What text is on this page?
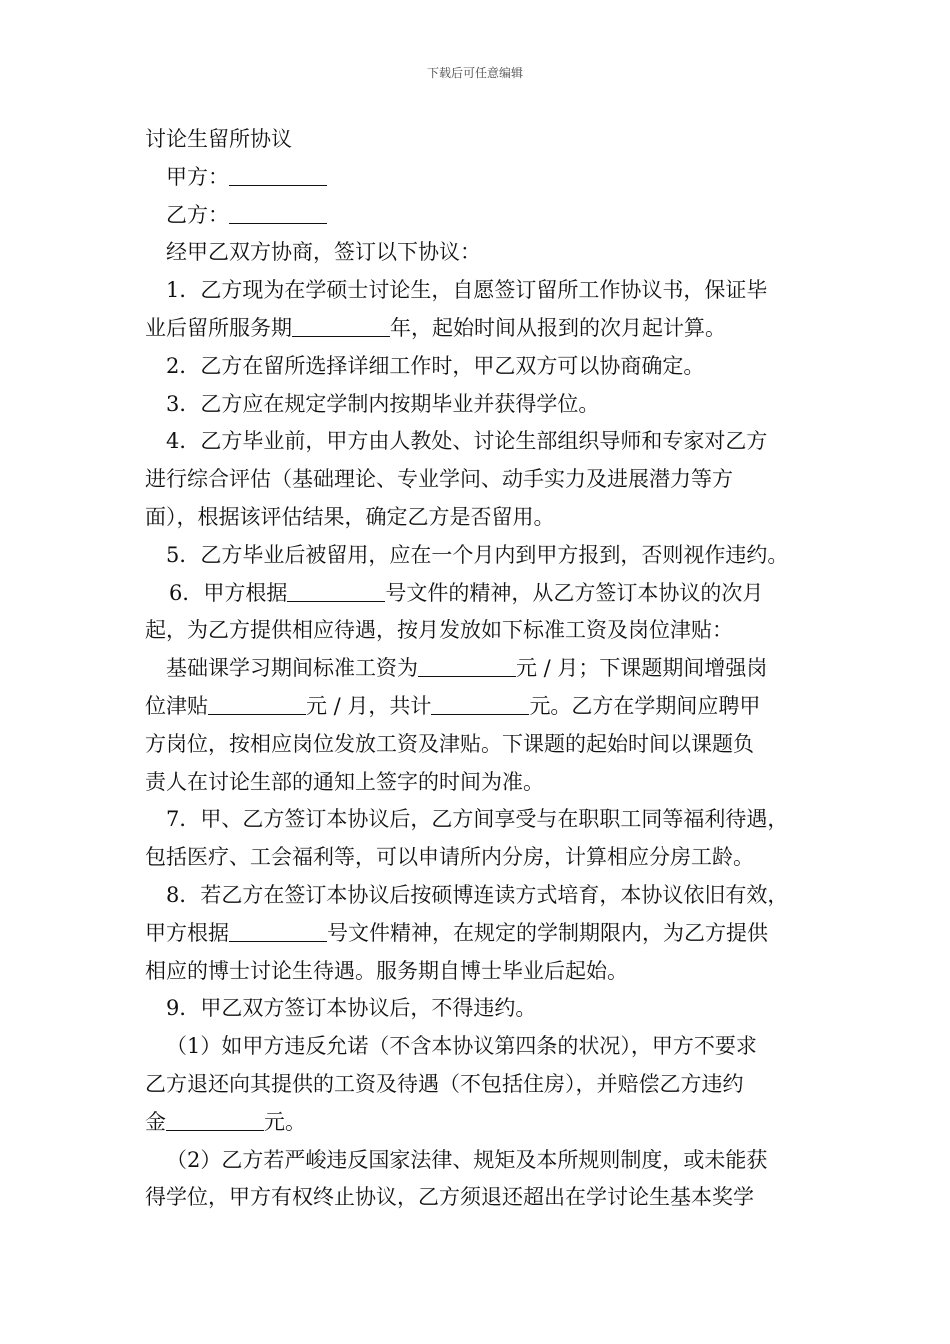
下载后可任意编辑
讨论生留所协议
甲方：
乙方：
经甲乙双方协商，签订以下协议：
1．乙方现为在学硕士讨论生，自愿签订留所工作协议书，保证毕
业后留所服务期	年，起始时间从报到的次月起计算。
2．乙方在留所选择详细工作时，甲乙双方可以协商确定。
3．乙方应在规定学制内按期毕业并获得学位。
4．乙方毕业前，甲方由人教处、讨论生部组织导师和专家对乙方
进行综合评估（基础理论、专业学问、动手实力及进展潜力等方
面），根据该评估结果，确定乙方是否留用。
5．乙方毕业后被留用，应在一个月内到甲方报到，否则视作违约。
6．甲方根据	号文件的精神，从乙方签订本协议的次月
起，为乙方提供相应待遇，按月发放如下标准工资及岗位津贴：
基础课学习期间标准工资为	元 / 月；下课题期间增强岗
位津贴	元 / 月，共计	元。乙方在学期间应聘甲
方岗位，按相应岗位发放工资及津贴。下课题的起始时间以课题负
责人在讨论生部的通知上签字的时间为准。
7．甲、乙方签订本协议后，乙方间享受与在职职工同等福利待遇，
包括医疗、工会福利等，可以申请所内分房，计算相应分房工龄。
8．若乙方在签订本协议后按硕博连读方式培育，本协议依旧有效，
甲方根据	号文件精神，在规定的学制期限内，为乙方提供
相应的博士讨论生待遇。服务期自博士毕业后起始。
9．甲乙双方签订本协议后，不得违约。
（1）如甲方违反允诺（不含本协议第四条的状况），甲方不要求
乙方退还向其提供的工资及待遇（不包括住房），并赔偿乙方违约
金	元。
（2）乙方若严峻违反国家法律、规矩及本所规则制度，或未能获
得学位，甲方有权终止协议，乙方须退还超出在学讨论生基本奖学
